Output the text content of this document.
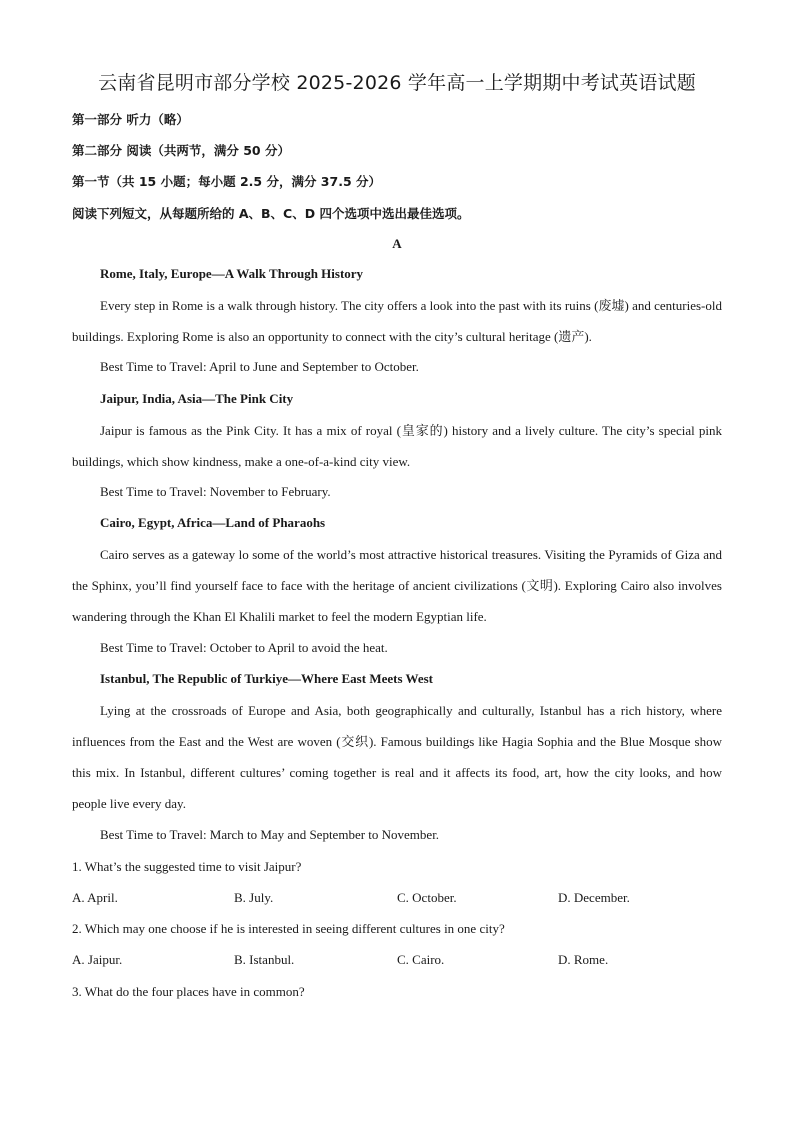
云南省昆明市部分学校 2025-2026 学年高一上学期期中考试英语试题
第一部分 听力（略）
第二部分 阅读（共两节，满分 50 分）
第一节（共 15 小题；每小题 2.5 分，满分 37.5 分）
阅读下列短文，从每题所给的 A、B、C、D 四个选项中选出最佳选项。
A
Rome, Italy, Europe—A Walk Through History

Every step in Rome is a walk through history. The city offers a look into the past with its ruins (废墟) and centuries-old buildings. Exploring Rome is also an opportunity to connect with the city’s cultural heritage (遗产).

Best Time to Travel: April to June and September to October.
Jaipur, India, Asia—The Pink City

Jaipur is famous as the Pink City. It has a mix of royal (皇家的) history and a lively culture. The city’s special pink buildings, which show kindness, make a one-of-a-kind city view.

Best Time to Travel: November to February.
Cairo, Egypt, Africa—Land of Pharaohs

Cairo serves as a gateway lo some of the world’s most attractive historical treasures. Visiting the Pyramids of Giza and the Sphinx, you’ll find yourself face to face with the heritage of ancient civilizations (文明). Exploring Cairo also involves wandering through the Khan El Khalili market to feel the modern Egyptian life.

Best Time to Travel: October to April to avoid the heat.
Istanbul, The Republic of Turkiye—Where East Meets West

Lying at the crossroads of Europe and Asia, both geographically and culturally, Istanbul has a rich history, where influences from the East and the West are woven (交织). Famous buildings like Hagia Sophia and the Blue Mosque show this mix. In Istanbul, different cultures’ coming together is real and it affects its food, art, how the city looks, and how people live every day.

Best Time to Travel: March to May and September to November.
1. What’s the suggested time to visit Jaipur?
A. April.	B. July.	C. October.	D. December.
2. Which may one choose if he is interested in seeing different cultures in one city?
A. Jaipur.	B. Istanbul.	C. Cairo.	D. Rome.
3. What do the four places have in common?
